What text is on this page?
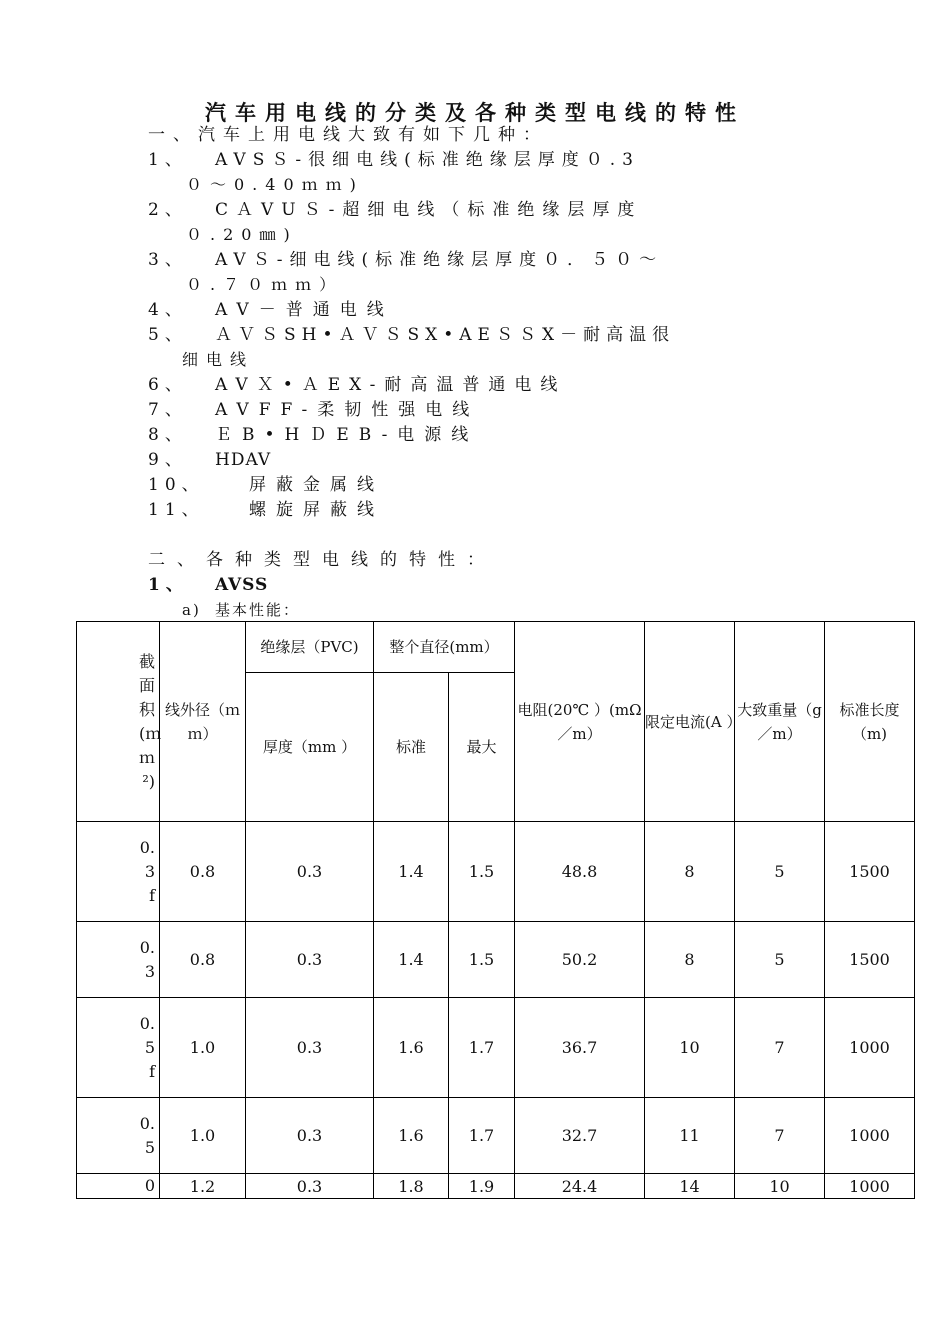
汽车用电线的分类及各种类型电线的特性
一、汽车上用电线大致有如下几种：
1、 AVSＳ-很细电线(标准绝缘层厚度０.3
０～0.40ｍｍ)
2、 CＡVUＳ-超细电线（标准绝缘层厚度
０.20㎜)
3、 AVＳ-细电线(标准绝缘层厚度０．５０～
０.７０ｍｍ）
4、 AV－普通电线
5、 ＡＶＳSH•ＡＶＳSX•AEＳＳX－耐高温很
细电线
6、 AVＸ•ＡEX-耐高温普通电线
7、 AVFF-柔韧性强电线
8、 ＥB•HＤEB-电源线
9、 HDAV
10、	屏蔽金属线
11、	螺旋屏蔽线
二、各种类型电线的特性：
1、 AVSS
a) 基本性能：
截面积(ｍｍ²)	线外径（ｍｍ）	绝缘层（PVC)	整个直径(mm）		电阻(20℃ ）(mΩ／m）	限定电流(A ）	大致重量（g／m）	标准长度（m)
		厚度（mm ）	标准	最大				
0.3f	0.8	0.3	1.4	1.5	48.8	8	5	1500
0.3	0.8	0.3	1.4	1.5	50.2	8	5	1500
0.5f	1.0	0.3	1.6	1.7	36.7	10	7	1000
0.5	1.0	0.3	1.6	1.7	32.7	11	7	1000
0	1.2	0.3	1.8	1.9	24.4	14	10	1000
